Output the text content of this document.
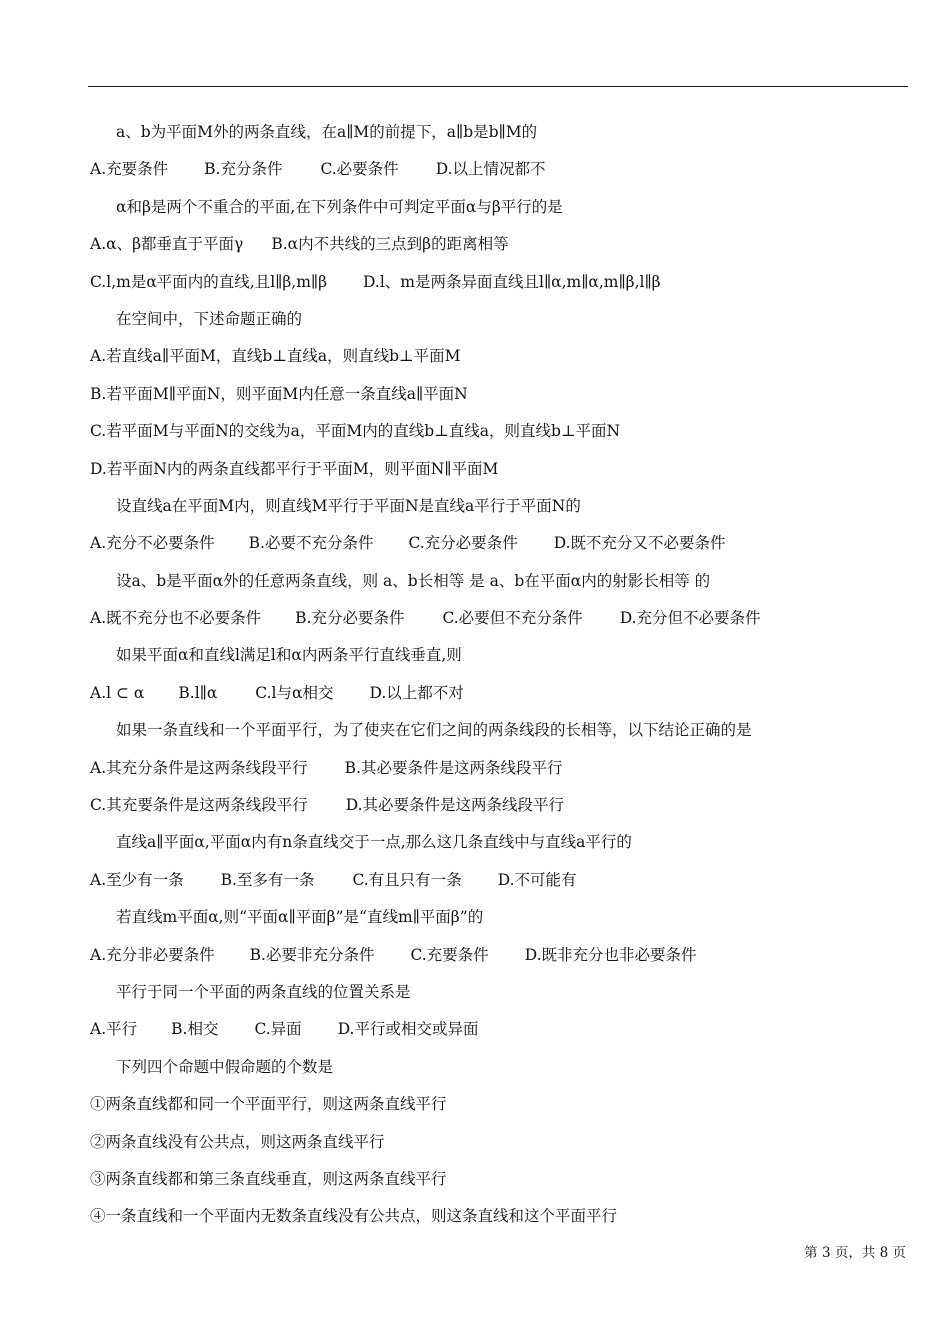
a、b为平面M外的两条直线，在a∥M的前提下，a∥b是b∥M的
A.充要条件 B.充分条件 C.必要条件 D.以上情况都不
α和β是两个不重合的平面,在下列条件中可判定平面α与β平行的是
A.α、β都垂直于平面γ B.α内不共线的三点到β的距离相等
C.l,m是α平面内的直线,且l∥β,m∥β D.l、m是两条异面直线且l∥α,m∥α,m∥β,l∥β
在空间中，下述命题正确的
A.若直线a∥平面M，直线b⊥直线a，则直线b⊥平面M
B.若平面M∥平面N，则平面M内任意一条直线a∥平面N
C.若平面M与平面N的交线为a，平面M内的直线b⊥直线a，则直线b⊥平面N
D.若平面N内的两条直线都平行于平面M，则平面N∥平面M
设直线a在平面M内，则直线M平行于平面N是直线a平行于平面N的
A.充分不必要条件 B.必要不充分条件 C.充分必要条件 D.既不充分又不必要条件
设a、b是平面α外的任意两条直线，则 a、b长相等 是 a、b在平面α内的射影长相等 的
A.既不充分也不必要条件 B.充分必要条件 C.必要但不充分条件 D.充分但不必要条件
如果平面α和直线l满足l和α内两条平行直线垂直,则
A.l ⊂ α B.l∥α C.l与α相交 D.以上都不对
如果一条直线和一个平面平行，为了使夹在它们之间的两条线段的长相等，以下结论正确的是
A.其充分条件是这两条线段平行 B.其必要条件是这两条线段平行
C.其充要条件是这两条线段平行 D.其必要条件是这两条线段平行
直线a∥平面α,平面α内有n条直线交于一点,那么这几条直线中与直线a平行的
A.至少有一条 B.至多有一条 C.有且只有一条 D.不可能有
若直线m平面α,则“平面α∥平面β”是“直线m∥平面β”的
A.充分非必要条件 B.必要非充分条件 C.充要条件 D.既非充分也非必要条件
平行于同一个平面的两条直线的位置关系是
A.平行 B.相交 C.异面 D.平行或相交或异面
下列四个命题中假命题的个数是
①两条直线都和同一个平面平行，则这两条直线平行
②两条直线没有公共点，则这两条直线平行
③两条直线都和第三条直线垂直，则这两条直线平行
④一条直线和一个平面内无数条直线没有公共点，则这条直线和这个平面平行
第 3 页，共 8 页
